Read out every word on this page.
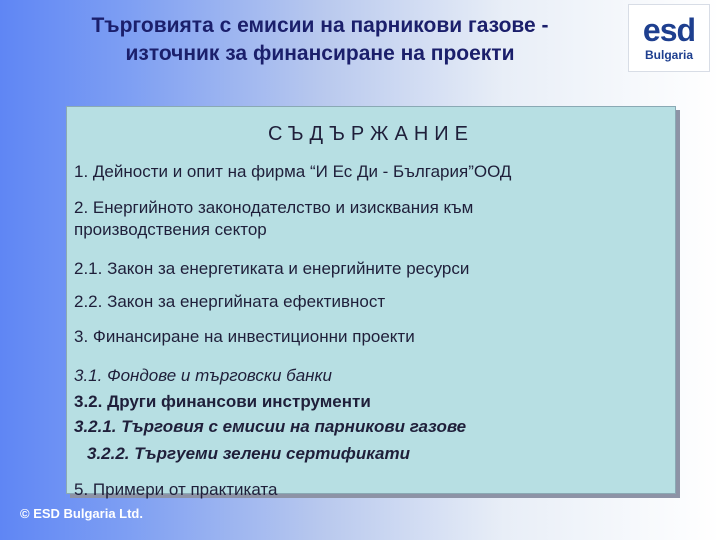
Търговията с емисии на парникови газове -
източник за финансиране на проекти
esd
Bulgaria
СЪДЪРЖАНИЕ
1. Дейности и опит на фирма “И Ес Ди - България”ООД
2. Енергийното законодателство и изисквания към
производствения сектор
2.1. Закон за енергетиката и енергийните ресурси
2.2. Закон за енергийната ефективност
3. Финансиране на инвестиционни проекти
3.1. Фондове и търговски банки
3.2. Други финансови инструменти
3.2.1. Търговия с емисии на парникови газове
3.2.2. Търгуеми зелени сертификати
5. Примери от практиката
© ESD Bulgaria Ltd.
